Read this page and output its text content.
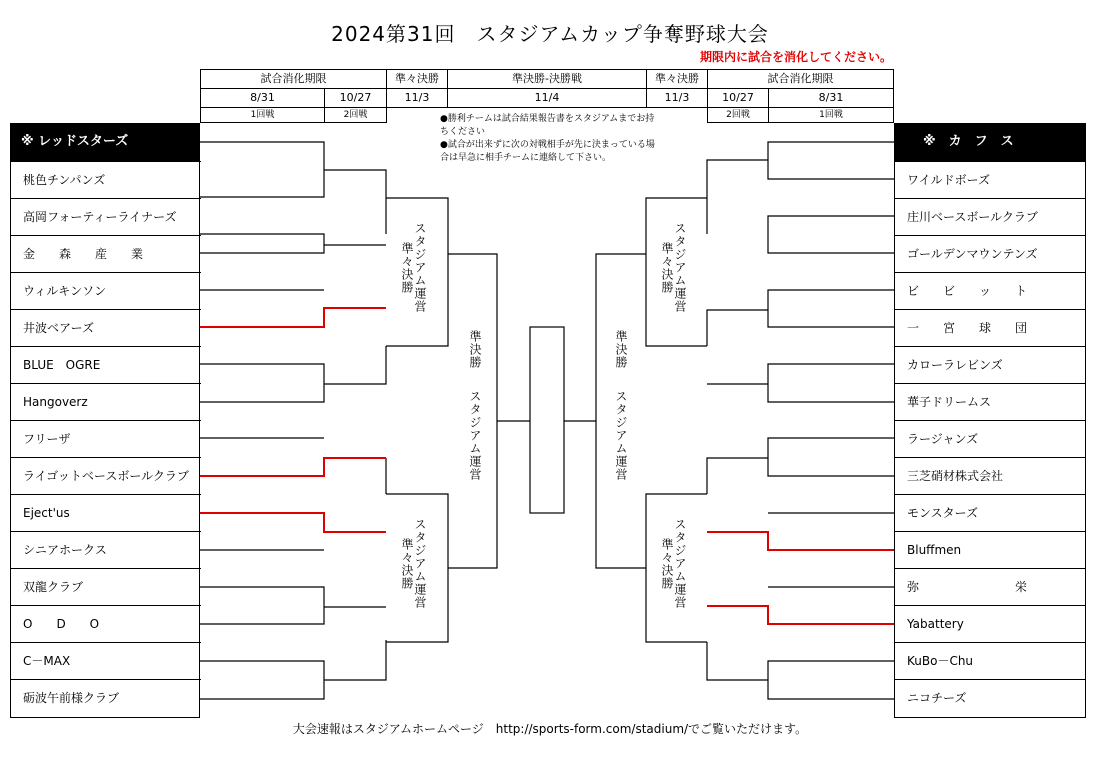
2024第31回　スタジアムカップ争奪野球大会
期限内に試合を消化してください。
試合消化期限	準々決勝	準決勝-決勝戦	準々決勝	試合消化期限
8/31	10/27	11/3	11/4	11/3	10/27	8/31
1回戦	2回戦	2回戦	1回戦
※ レッドスターズ
桃色チンパンズ
高岡フォーティーライナーズ
金　　森　　産　　業
ウィルキンソン
井波ベアーズ
BLUE　OGRE
Hangoverz
フリーザ
ライゴットベースボールクラブ
Eject'us
シニアホークス
双龍クラブ
O　　D　　O
C－MAX
砺波午前様クラブ
※　カ　フ　ス
ワイルドボーズ
庄川ベースボールクラブ
ゴールデンマウンテンズ
ビ　　ビ　　ッ　　ト
一　　宮　　球　　団
カローラレビンズ
華子ドリームス
ラージャンズ
三芝硝材株式会社
モンスターズ
Bluffmen
弥　　　　　　　　栄
Yabattery
KuBo－Chu
ニコチーズ
●勝利チームは試合結果報告書をスタジアムまでお持ちください
●試合が出来ずに次の対戦相手が先に決まっている場合は早急に相手チームに連絡して下さい。
スタジアム運営
準々決勝
スタジアム運営
準々決勝
スタジアム運営
準々決勝
スタジアム運営
準々決勝
準決勝
スタジアム運営
準決勝
スタジアム運営
大会速報はスタジアムホームページ　http://sports-form.com/stadium/でご覧いただけます。
